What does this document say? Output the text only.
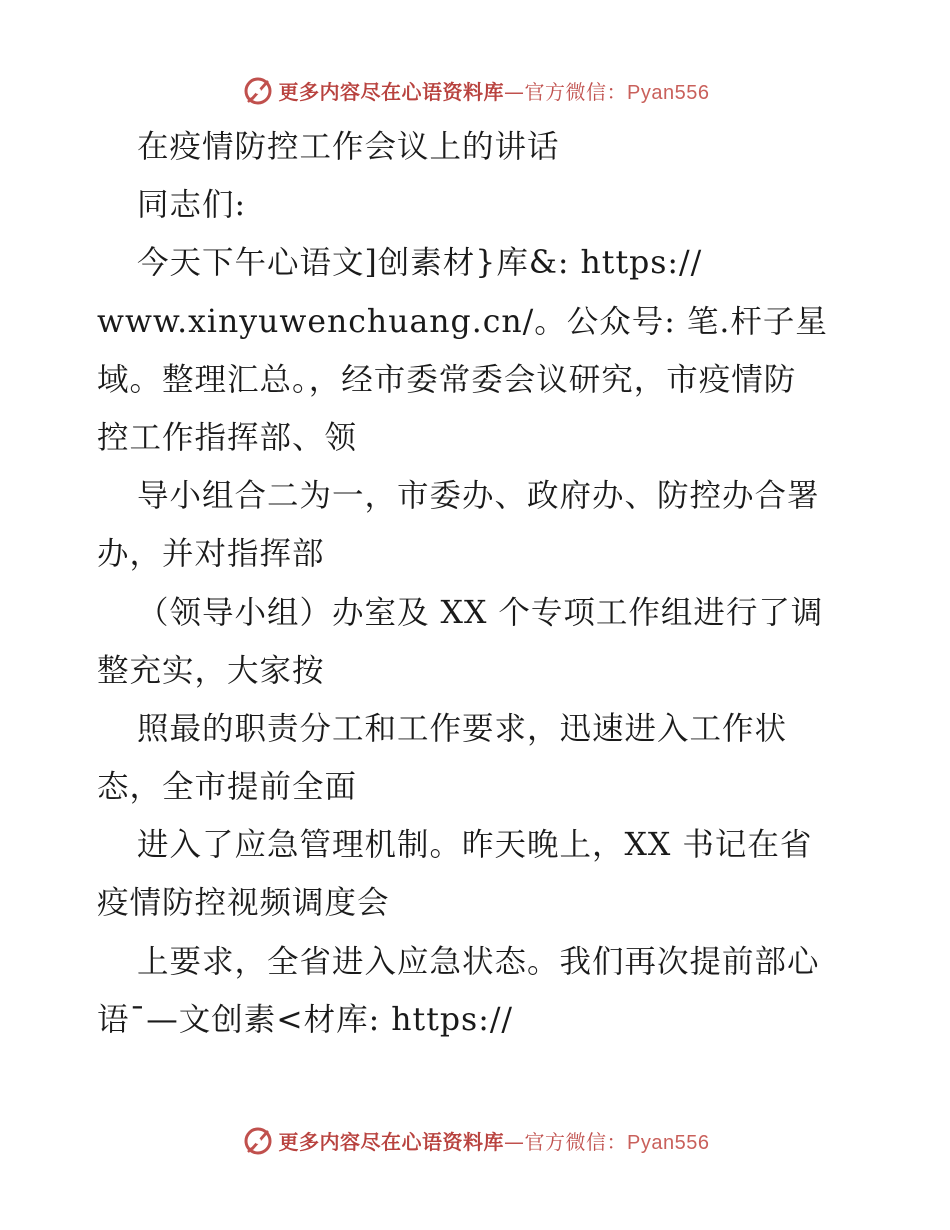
更多内容尽在心语资料库—官方微信：Pyan556
在疫情防控工作会议上的讲话
同志们:
今天下午心语文]创素材}库&: https://
www.xinyuwenchuang.cn/。公众号: 笔.杆子星
域。整理汇总。，经市委常委会议研究，市疫情防
控工作指挥部、领
导小组合二为一，市委办、政府办、防控办合署
办，并对指挥部
（领导小组）办室及 XX 个专项工作组进行了调
整充实，大家按
照最的职责分工和工作要求，迅速进入工作状
态，全市提前全面
进入了应急管理机制。昨天晚上，XX 书记在省
疫情防控视频调度会
上要求，全省进入应急状态。我们再次提前部心
语¯—文创素<材库: https://
更多内容尽在心语资料库—官方微信：Pyan556
